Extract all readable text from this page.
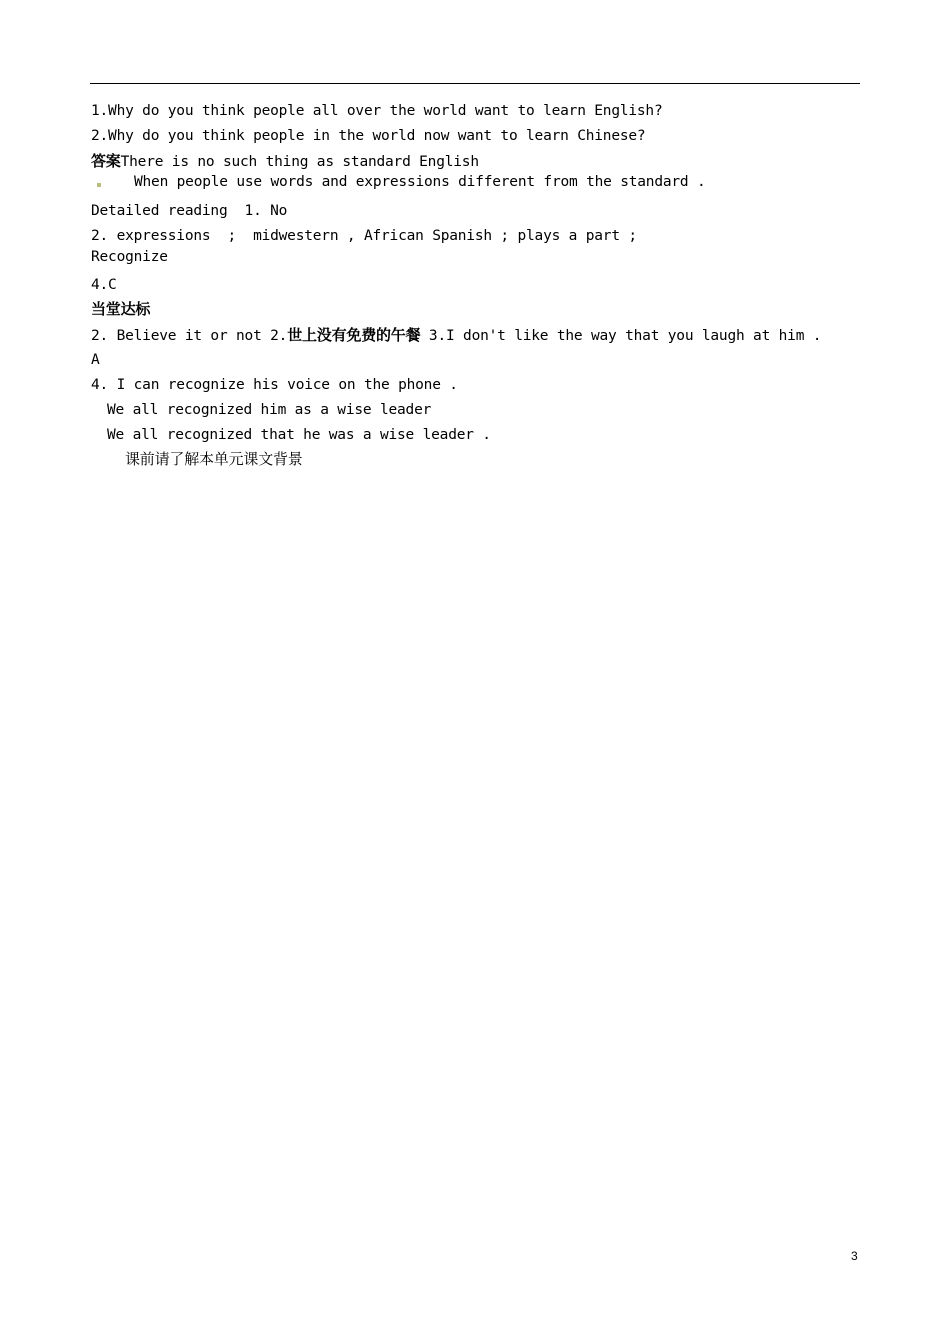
1.Why do you think people all over the world want to learn English?
2.Why do you think people in the world now want to learn Chinese?
答案There is no such thing as standard English
When people use words and expressions different from the standard .
Detailed reading  1. No
2. expressions  ;  midwestern , African Spanish ; plays a part ;
Recognize
4.C
当堂达标
2. Believe it or not 2.世上没有免费的午餐 3.I don't like the way that you laugh at him .
A
4. I can recognize his voice on the phone .
We all recognized him as a wise leader
We all recognized that he was a wise leader .
课前请了解本单元课文背景
3
